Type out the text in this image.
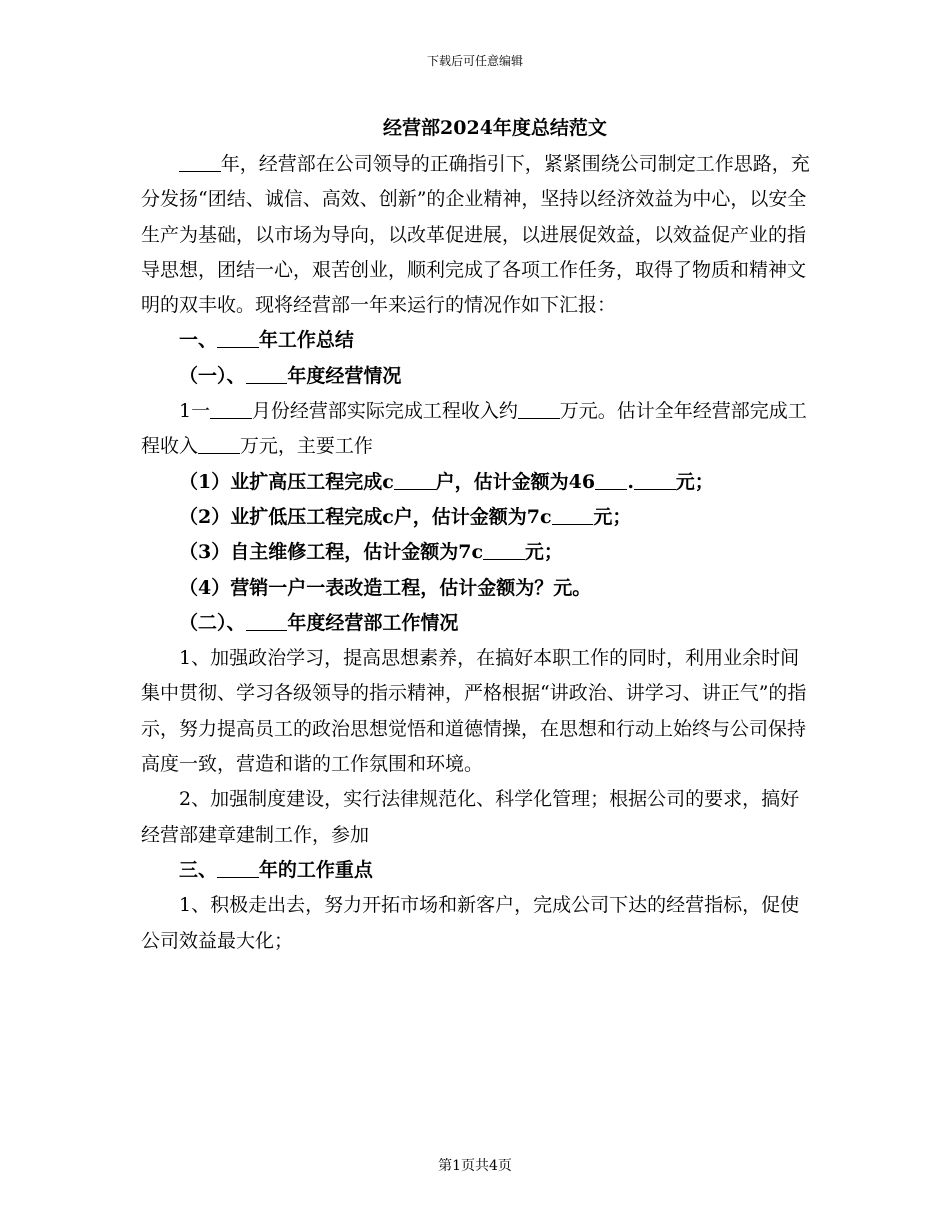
下载后可任意编辑
经营部2024年度总结范文

年，经营部在公司领导的正确指引下，紧紧围绕公司制定工作思路，充分发扬“团结、诚信、高效、创新”的企业精神，坚持以经济效益为中心，以安全生产为基础，以市场为导向，以改革促进展，以进展促效益，以效益促产业的指导思想，团结一心，艰苦创业，顺利完成了各项工作任务，取得了物质和精神文明的双丰收。现将经营部一年来运行的情况作如下汇报：

一、 年工作总结

（一）、 年度经营情况

1一 月份经营部实际完成工程收入约 万元。估计全年经营部完成工程收入 万元，主要工作

（1）业扩高压工程完成c 户，估计金额为46 . 元；

（2）业扩低压工程完成c户，估计金额为7c 元；

（3）自主维修工程，估计金额为7c 元；

（4）营销一户一表改造工程，估计金额为？元。

（二）、 年度经营部工作情况

1、加强政治学习，提高思想素养，在搞好本职工作的同时，利用业余时间集中贯彻、学习各级领导的指示精神，严格根据“讲政治、讲学习、讲正气”的指示，努力提高员工的政治思想觉悟和道德情操，在思想和行动上始终与公司保持高度一致，营造和谐的工作氛围和环境。

2、加强制度建设，实行法律规范化、科学化管理；根据公司的要求，搞好经营部建章建制工作，参加

三、 年的工作重点

1、积极走出去，努力开拓市场和新客户，完成公司下达的经营指标，促使公司效益最大化；

第1页共4页
